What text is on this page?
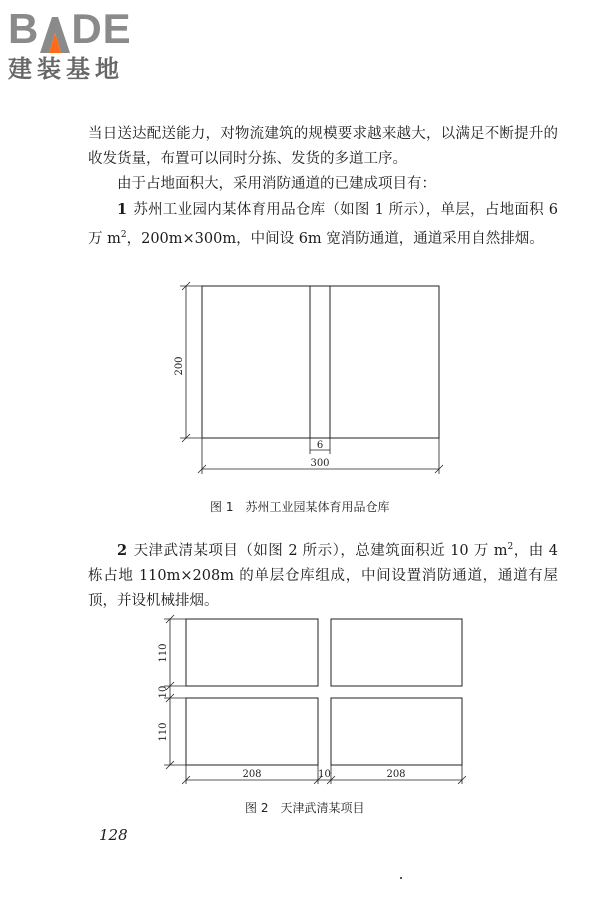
B DE
建装基地

当日送达配送能力，对物流建筑的规模要求越来越大，以满足不断提升的收发货量，布置可以同时分拣、发货的多道工序。

由于占地面积大，采用消防通道的已建成项目有：

1 苏州工业园内某体育用品仓库（如图 1 所示），单层，占地面积 6 万 $m^2$，200m×300m，中间设 6m 宽消防通道，通道采用自然排烟。

200
6
300
图 1　苏州工业园某体育用品仓库

2 天津武清某项目（如图 2 所示），总建筑面积近 10 万 $m^2$，由 4 栋占地 110m×208m 的单层仓库组成，中间设置消防通道，通道有屋顶，并设机械排烟。

110
10
110
208	10	208
图 2　天津武清某项目
128
